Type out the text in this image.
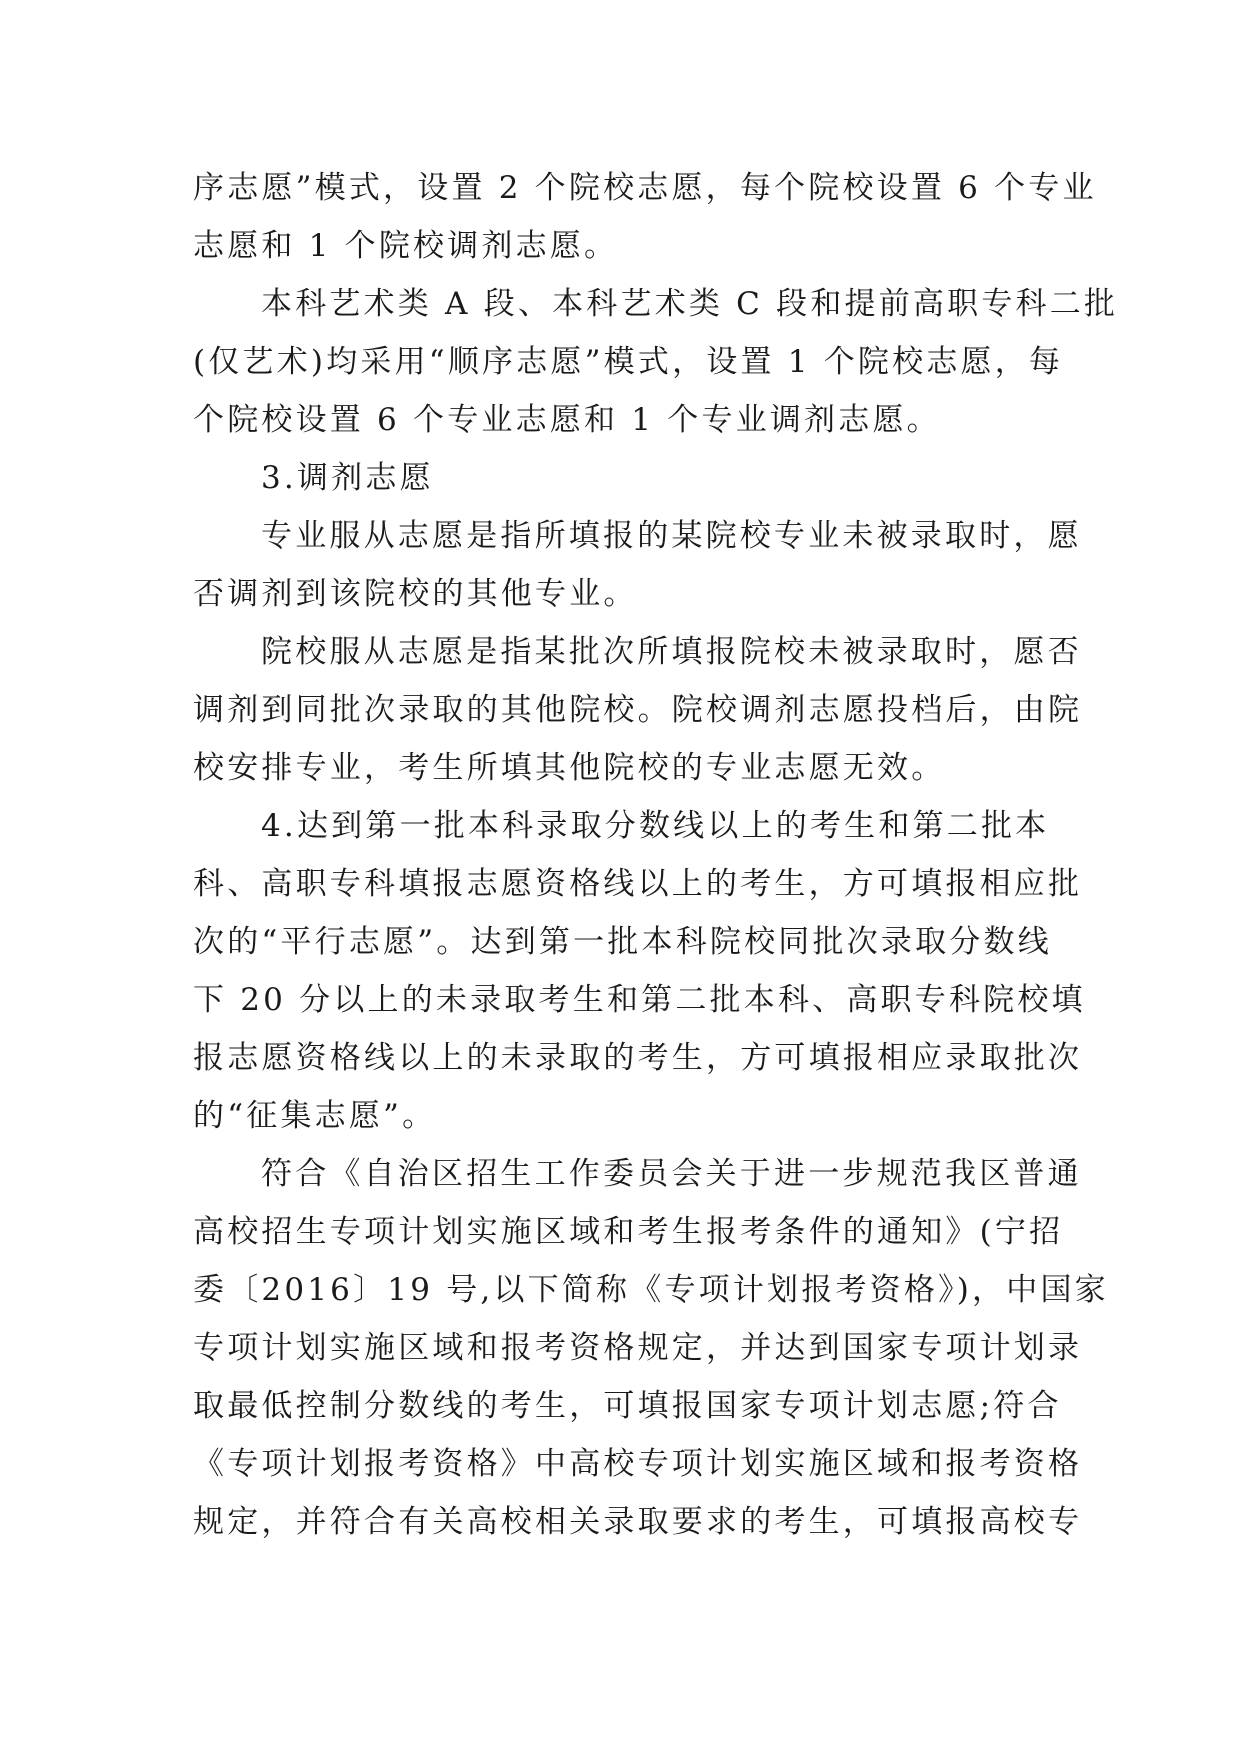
序志愿”模式，设置 2 个院校志愿，每个院校设置 6 个专业
志愿和 1 个院校调剂志愿。
本科艺术类 A 段、本科艺术类 C 段和提前高职专科二批
(仅艺术)均采用“顺序志愿”模式，设置 1 个院校志愿，每
个院校设置 6 个专业志愿和 1 个专业调剂志愿。
3.调剂志愿
专业服从志愿是指所填报的某院校专业未被录取时，愿
否调剂到该院校的其他专业。
院校服从志愿是指某批次所填报院校未被录取时，愿否
调剂到同批次录取的其他院校。院校调剂志愿投档后，由院
校安排专业，考生所填其他院校的专业志愿无效。
4.达到第一批本科录取分数线以上的考生和第二批本
科、高职专科填报志愿资格线以上的考生，方可填报相应批
次的“平行志愿”。达到第一批本科院校同批次录取分数线
下 20 分以上的未录取考生和第二批本科、高职专科院校填
报志愿资格线以上的未录取的考生，方可填报相应录取批次
的“征集志愿”。
符合《自治区招生工作委员会关于进一步规范我区普通
高校招生专项计划实施区域和考生报考条件的通知》(宁招
委〔2016〕19 号,以下简称《专项计划报考资格》)，中国家
专项计划实施区域和报考资格规定，并达到国家专项计划录
取最低控制分数线的考生，可填报国家专项计划志愿;符合
《专项计划报考资格》中高校专项计划实施区域和报考资格
规定，并符合有关高校相关录取要求的考生，可填报高校专
